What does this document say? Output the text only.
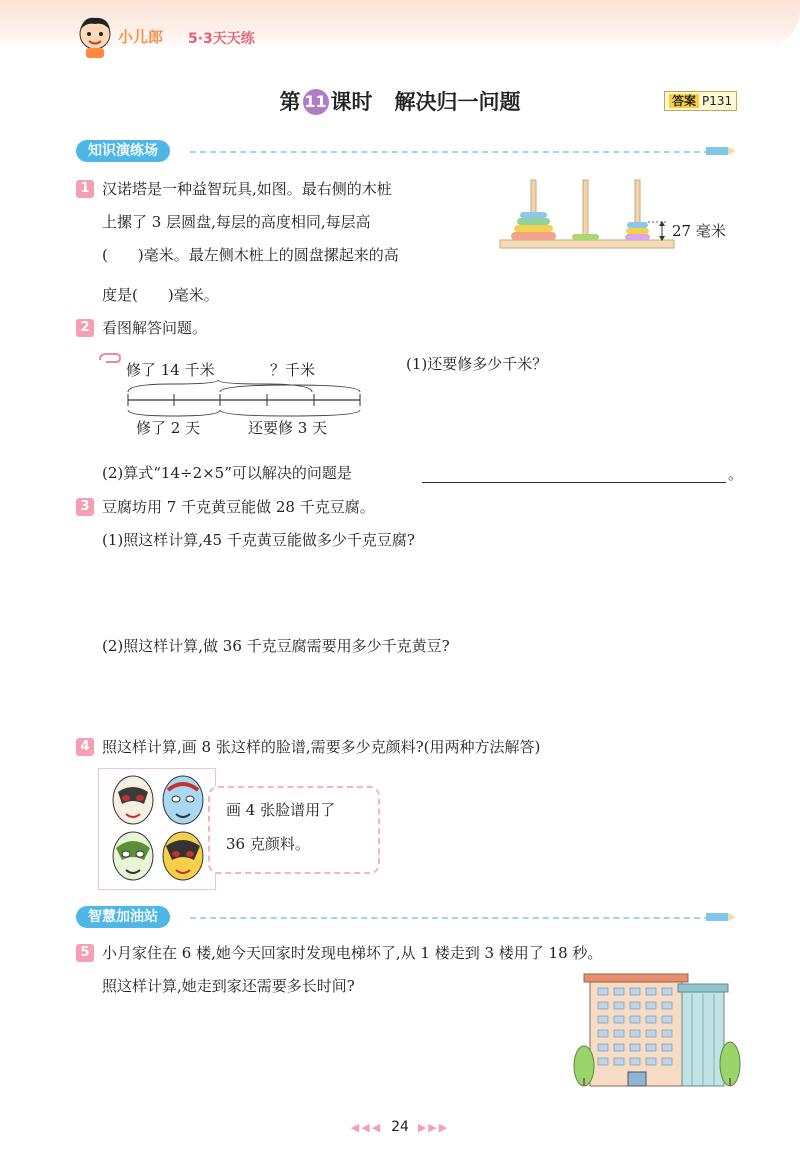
小儿郎 5·3天天练
第 11 课时 解决归一问题	答案 P131
知识演练场
1 汉诺塔是一种益智玩具,如图。最右侧的木桩
上摞了 3 层圆盘,每层的高度相同,每层高
(　　)毫米。最左侧木桩上的圆盘摞起来的高
度是(　　)毫米。
27 毫米
2 看图解答问题。
修了 14 千米	？千米
修了 2 天	还要修 3 天
(1)还要修多少千米？
(2)算式“14÷2×5”可以解决的问题是	。
3 豆腐坊用 7 千克黄豆能做 28 千克豆腐。
(1)照这样计算,45 千克黄豆能做多少千克豆腐?
(2)照这样计算,做 36 千克豆腐需要用多少千克黄豆?
4 照这样计算,画 8 张这样的脸谱,需要多少克颜料?(用两种方法解答)
画 4 张脸谱用了
36 克颜料。
智慧加油站
5 小月家住在 6 楼,她今天回家时发现电梯坏了,从 1 楼走到 3 楼用了 18 秒。
照这样计算,她走到家还需要多长时间?
◀◀◀ 24 ▶▶▶
